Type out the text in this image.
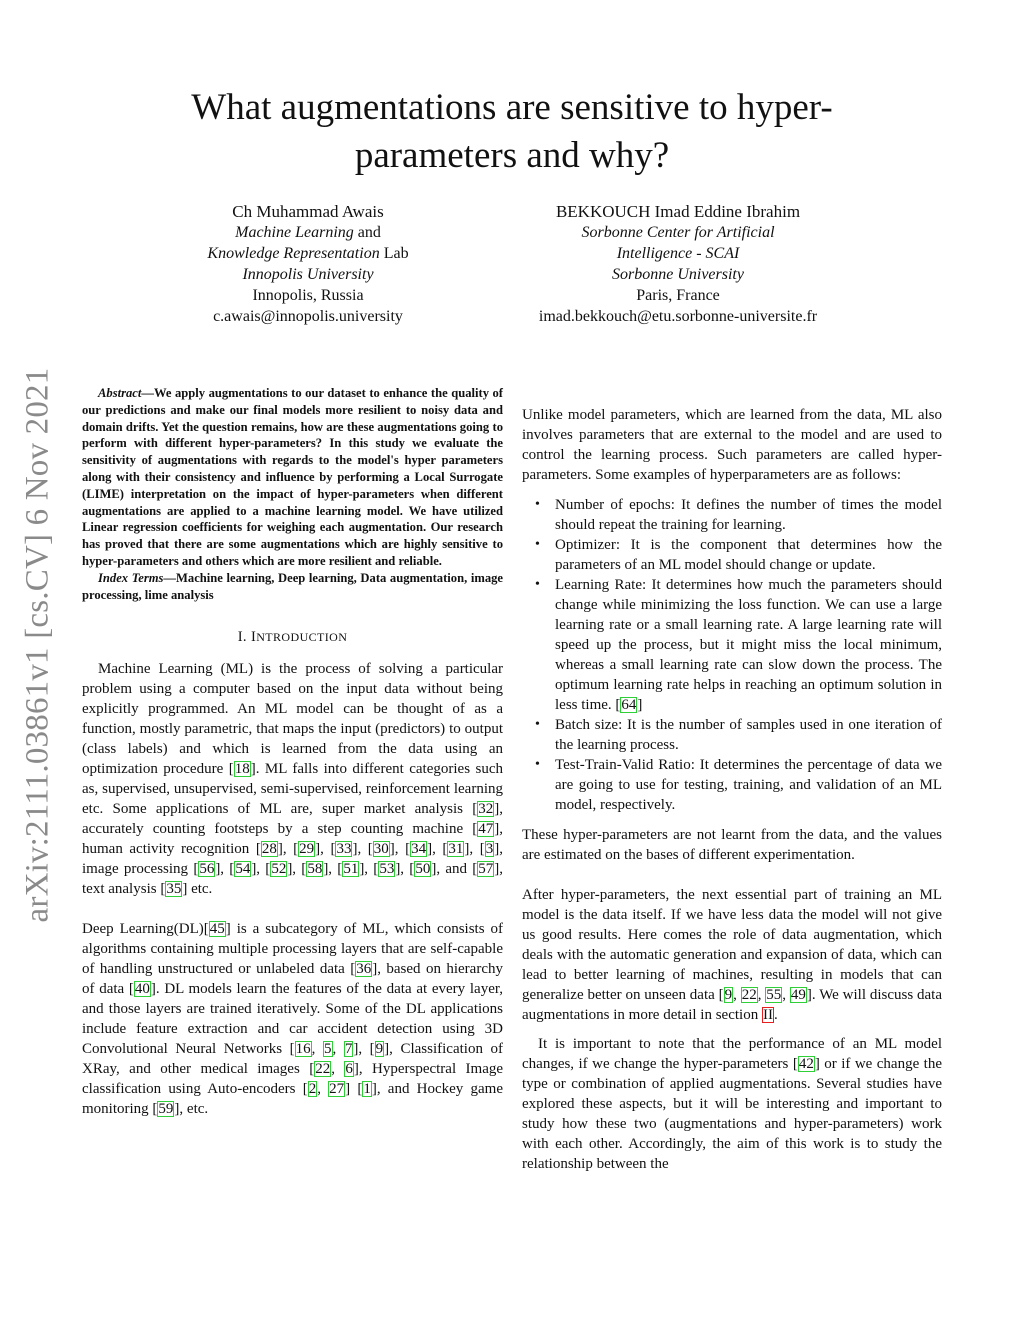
arXiv:2111.03861v1 [cs.CV] 6 Nov 2021
What augmentations are sensitive to hyper-parameters and why?
Ch Muhammad Awais
Machine Learning and
Knowledge Representation Lab
Innopolis University
Innopolis, Russia
c.awais@innopolis.university
BEKKOUCH Imad Eddine Ibrahim
Sorbonne Center for Artificial
Intelligence - SCAI
Sorbonne University
Paris, France
imad.bekkouch@etu.sorbonne-universite.fr

Abstract—We apply augmentations to our dataset to enhance the quality of our predictions and make our final models more resilient to noisy data and domain drifts. Yet the question remains, how are these augmentations going to perform with different hyper-parameters? In this study we evaluate the sensitivity of augmentations with regards to the model's hyper parameters along with their consistency and influence by performing a Local Surrogate (LIME) interpretation on the impact of hyper-parameters when different augmentations are applied to a machine learning model. We have utilized Linear regression coefficients for weighing each augmentation. Our research has proved that there are some augmentations which are highly sensitive to hyper-parameters and others which are more resilient and reliable.

Index Terms—Machine learning, Deep learning, Data augmentation, image processing, lime analysis

I. INTRODUCTION

Machine Learning (ML) is the process of solving a particular problem using a computer based on the input data without being explicitly programmed. An ML model can be thought of as a function, mostly parametric, that maps the input (predictors) to output (class labels) and which is learned from the data using an optimization procedure [18]. ML falls into different categories such as, supervised, unsupervised, semi-supervised, reinforcement learning etc. Some applications of ML are, super market analysis [32], accurately counting footsteps by a step counting machine [47], human activity recognition [28], [29], [33], [30], [34], [31], [3], image processing [56], [54], [52], [58], [51], [53], [50], and [57], text analysis [35] etc.

Deep Learning(DL)[45] is a subcategory of ML, which consists of algorithms containing multiple processing layers that are self-capable of handling unstructured or unlabeled data [36], based on hierarchy of data [40]. DL models learn the features of the data at every layer, and those layers are trained iteratively. Some of the DL applications include feature extraction and car accident detection using 3D Convolutional Neural Networks [16, 5, 7], [9], Classification of XRay, and other medical images [22, 6], Hyperspectral Image classification using Auto-encoders [2, 27] [1], and Hockey game monitoring [59], etc.

Unlike model parameters, which are learned from the data, ML also involves parameters that are external to the model and are used to control the learning process. Such parameters are called hyper-parameters. Some examples of hyperparameters are as follows:

• Number of epochs: It defines the number of times the model should repeat the training for learning.
• Optimizer: It is the component that determines how the parameters of an ML model should change or update.
• Learning Rate: It determines how much the parameters should change while minimizing the loss function. We can use a large learning rate or a small learning rate. A large learning rate will speed up the process, but it might miss the local minimum, whereas a small learning rate can slow down the process. The optimum learning rate helps in reaching an optimum solution in less time. [64]
• Batch size: It is the number of samples used in one iteration of the learning process.
• Test-Train-Valid Ratio: It determines the percentage of data we are going to use for testing, training, and validation of an ML model, respectively.

These hyper-parameters are not learnt from the data, and the values are estimated on the bases of different experimentation.

After hyper-parameters, the next essential part of training an ML model is the data itself. If we have less data the model will not give us good results. Here comes the role of data augmentation, which deals with the automatic generation and expansion of data, which can lead to better learning of machines, resulting in models that can generalize better on unseen data [9, 22, 55, 49]. We will discuss data augmentations in more detail in section II.

It is important to note that the performance of an ML model changes, if we change the hyper-parameters [42] or if we change the type or combination of applied augmentations. Several studies have explored these aspects, but it will be interesting and important to study how these two (augmentations and hyper-parameters) work with each other. Accordingly, the aim of this work is to study the relationship between the
